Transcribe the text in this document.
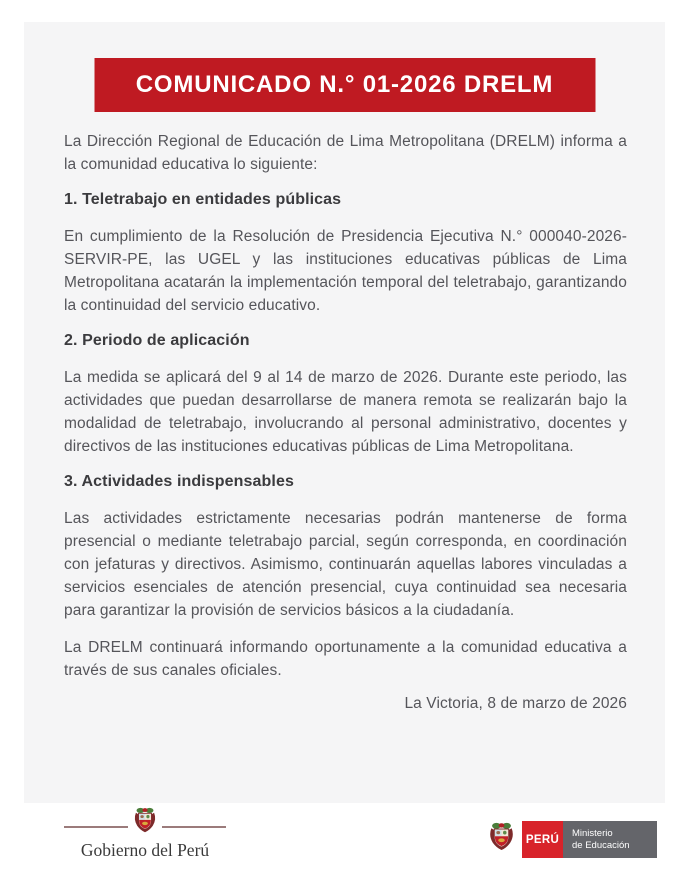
COMUNICADO N.° 01-2026 DRELM

La Dirección Regional de Educación de Lima Metropolitana (DRELM) informa a la comunidad educativa lo siguiente:

1. Teletrabajo en entidades públicas

En cumplimiento de la Resolución de Presidencia Ejecutiva N.° 000040-2026-SERVIR-PE, las UGEL y las instituciones educativas públicas de Lima Metropolitana acatarán la implementación temporal del teletrabajo, garantizando la continuidad del servicio educativo.

2. Periodo de aplicación

La medida se aplicará del 9 al 14 de marzo de 2026. Durante este periodo, las actividades que puedan desarrollarse de manera remota se realizarán bajo la modalidad de teletrabajo, involucrando al personal administrativo, docentes y directivos de las instituciones educativas públicas de Lima Metropolitana.

3. Actividades indispensables

Las actividades estrictamente necesarias podrán mantenerse de forma presencial o mediante teletrabajo parcial, según corresponda, en coordinación con jefaturas y directivos. Asimismo, continuarán aquellas labores vinculadas a servicios esenciales de atención presencial, cuya continuidad sea necesaria para garantizar la provisión de servicios básicos a la ciudadanía.

La DRELM continuará informando oportunamente a la comunidad educativa a través de sus canales oficiales.

La Victoria, 8 de marzo de 2026
Gobierno del Perú
PERÚ
Ministerio
de Educación
